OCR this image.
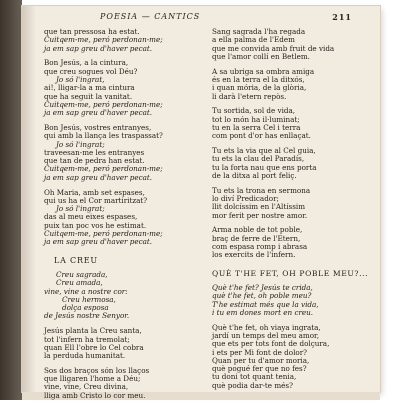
POESIA — CANTICS	211
que tan pressosa ha estat.
Cuitqem-me, peró perdonan-me;
ja em sap greu d'haver pecat.
Bon Jesús, a la cintura,
que creu sogues vol Déu?
Jo só l'ingrat,
ai!, lligar-la a ma cintura
que ha seguit la vanitat.
Cuitqem-me, peró perdonan-me;
ja em sap greu d'haver pecat.
Bon Jesús, vostres entranyes,
qui amb la llança les traspassat?
Jo só l'ingrat;
traveesan-me les entranyes
que tan de pedra han estat.
Cuitqem-me, peró perdonan-me;
ja em sap greu d'haver pecat.
Oh Maria, amb set espases,
qui us ha el Cor martiritzat?
Jo só l'ingrat;
das al meu eixes espases,
puix tan poc vos he estimat.
Cuitqem-me, peró perdonan-me;
ja em sap greu d'haver pecat.
LA CREU
Creu sagrada,
Creu amada,
vine, vine a nostre cor:
Creu hermosa,
dolça esposa
de Jesús nostre Senyor.
Jesús planta la Creu santa,
tot l'infern ha tremolat;
quan Ell l'obre lo Cel cobra
la perduda humanitat.
Sos dos braços són los llaços
que lligaren l'home a Déu;
vine, vine, Creu divina,
lliga amb Cristo lo cor meu.
Sang sagrada l'ha regada
a ella palma de l'Edem
que me convida amb fruit de vida
que l'amor collí en Betlem.
A sa ubriga sa ombra amiga
és en la terra el la ditxós,
i quan mória, de la glòria,
li darà l'etern repòs.
Tu sortida, sol de vida,
tot lo món ha il·luminat;
tu en la serra Cel i terra
com pont d'or has enllaçat.
Tu ets la via que al Cel guia,
tu ets la clau del Paradís,
tu la forta nau que ens porta
de la ditxa al port feliç.
Tu ets la trona en sermona
lo diví Predicador;
llit dolcíssim en l'Altíssim
mor ferit per nostre amor.
Arma noble de tot poble,
braç de ferre de l'Etern,
com espasa romp i abrasa
los exercits de l'infern.
QUÈ T'HE FET, OH POBLE MEU?...
Què t'he fet? Jesús te crida,
què t'he fet, oh poble meu?
T'he estimat més que la vida,
i tu em dones mort en creu.
Què t'he fet, oh viaya ingrata,
jardí un temps del meu amor,
que ets per tots font de dolçura,
i ets per Mi font de dolor?
Quan per tu d'amor moria,
què pogué fer que no fes?
tu doni tot quant tenia,
què podia dar-te més?
